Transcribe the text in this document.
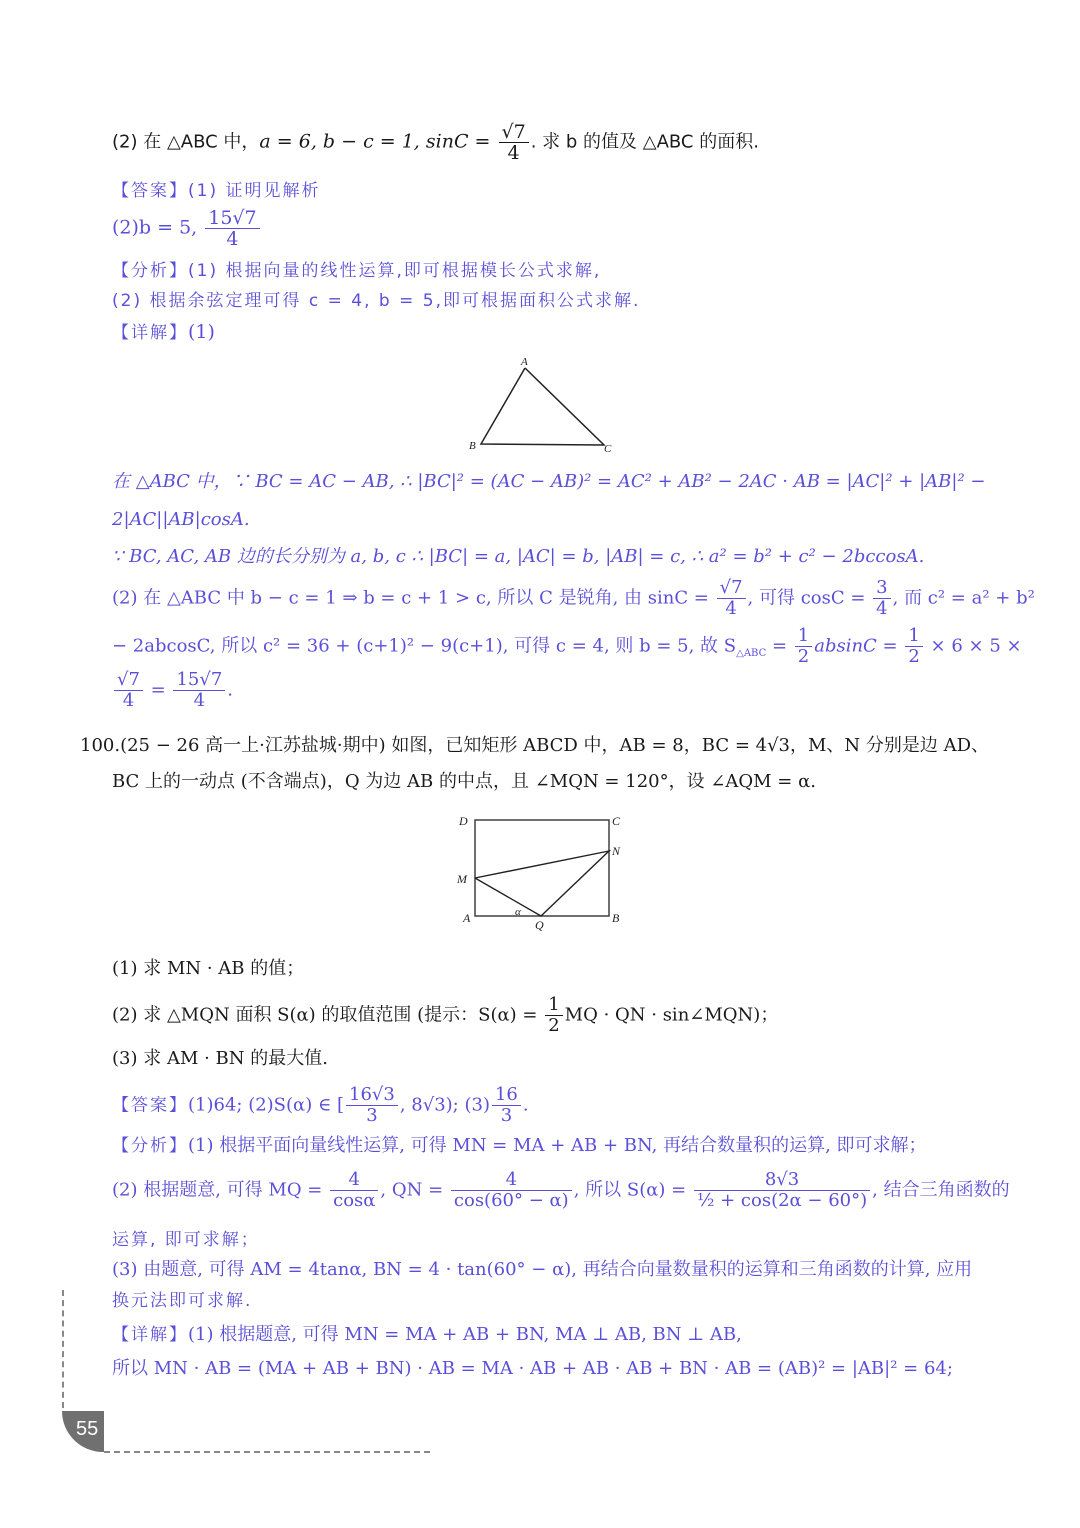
(2) 在 △ABC 中，a = 6, b − c = 1, $\sin C = \frac{√7}{4}$ . 求 b 的值及 △ABC 的面积.
【答案】(1) 证明见解析
(2)b = 5, $\frac{15√7}{4}$
【分析】(1) 根据向量的线性运算,即可根据模长公式求解,
(2) 根据余弦定理可得 c = 4, b = 5,即可根据面积公式求解.
【详解】(1)
A
B	C
在 △ABC 中，∵ BC = AC − AB, ∴ |BC|² = (AC − AB)² = AC² + AB² − 2AC · AB = |AC|² + |AB|² −
2|AC||AB|cosA.
∵ BC, AC, AB 边的长分别为 a, b, c ∴ |BC| = a, |AC| = b, |AB| = c, ∴ a² = b² + c² − 2bccosA.
(2) 在 △ABC 中 b − c = 1 ⇒ b = c + 1 > c, 所以 C 是锐角, 由 $\sin C = \frac{√7}{4}$ , 可得 $\cos C = \frac{3}{4}$ , 而 c² = a² + b²
− 2abcosC, 所以 c² = 36 + (c+1)² − 9(c+1), 可得 c = 4, 则 b = 5, 故 $S_{\triangle ABC} = \frac{1}{2}$ $absinC = \frac{1}{2} \times 6 \times 5$ ×
$\frac{√7}{4} = \frac{15√7}{4}$ .
100.(25 − 26 高一上·江苏盐城·期中) 如图，已知矩形 ABCD 中，AB = 8，BC = 4√3，M、N 分别是边 AD、
BC 上的一动点 (不含端点)，Q 为边 AB 的中点，且 ∠MQN = 120°，设 ∠AQM = α.
D	C
N
M
A	α
Q	B
(1) 求 MN · AB 的值；
(2) 求 △MQN 面积 S(α) 的取值范围 (提示：$S(\alpha) = \frac{1}{2}$ MQ · QN · sin∠MQN)；
(3) 求 AM · BN 的最大值.
【答案】(1)64; (2)S(α) ∈ [ $\frac{16√3}{3}$ , 8√3); $(3) \frac{16}{3}$ .
【分析】(1) 根据平面向量线性运算, 可得 MN = MA + AB + BN, 再结合数量积的运算, 即可求解；
(2) 根据题意, 可得 MQ = $\frac{4}{\cos\alpha}$ , QN = $\frac{4}{\cos(60^\circ - \alpha)}$ , 所以 $S(\alpha) = \frac{8√3}{\text{½ + cos(2α − 60°)}}$ , 结合三角函数的
运算, 即可求解；
(3) 由题意, 可得 AM = 4tanα, BN = 4 · tan(60° − α), 再结合向量数量积的运算和三角函数的计算, 应用
换元法即可求解.
【详解】(1) 根据题意, 可得 MN = MA + AB + BN, MA ⊥ AB, BN ⊥ AB,
所以 MN · AB = (MA + AB + BN) · AB = MA · AB + AB · AB + BN · AB = (AB)² = |AB|² = 64;
55
